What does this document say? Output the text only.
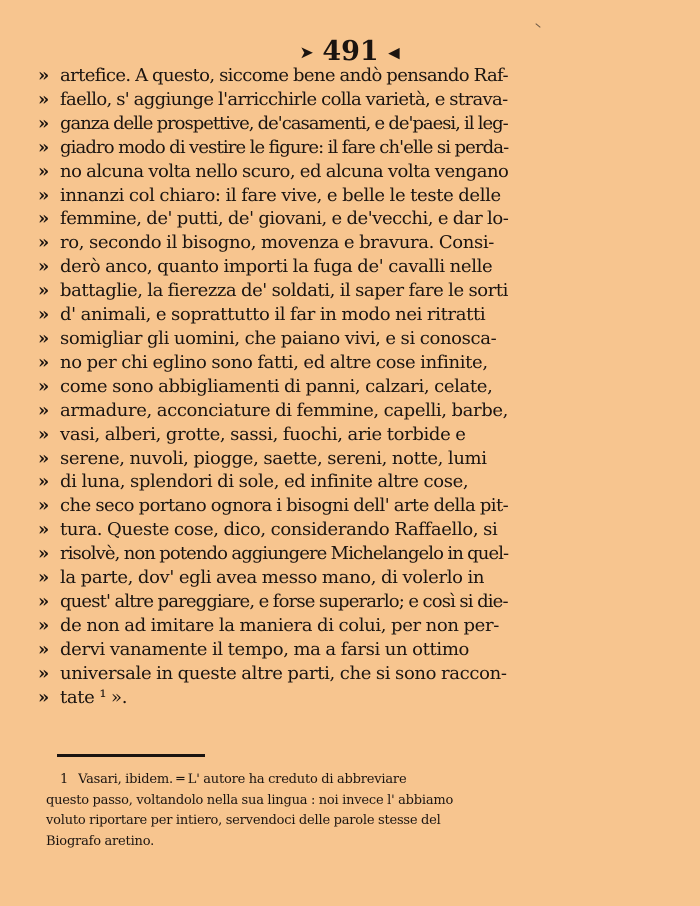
➤ 491 ◀
» artefice. A questo, siccome bene andò pensando Raf-
» faello, s' aggiunge l'arricchirle colla varietà, e strava-
» ganza delle prospettive, de'casamenti, e de'paesi, il leg-
» giadro modo di vestire le figure: il fare ch'elle si perda-
» no alcuna volta nello scuro, ed alcuna volta vengano
» innanzi col chiaro: il fare vive, e belle le teste delle
» femmine, de' putti, de' giovani, e de'vecchi, e dar lo-
» ro, secondo il bisogno, movenza e bravura. Consi-
» derò anco, quanto importi la fuga de' cavalli nelle
» battaglie, la fierezza de' soldati, il saper fare le sorti
» d' animali, e soprattutto il far in modo nei ritratti
» somigliar gli uomini, che paiano vivi, e si conosca-
» no per chi eglino sono fatti, ed altre cose infinite,
» come sono abbigliamenti di panni, calzari, celate,
» armadure, acconciature di femmine, capelli, barbe,
» vasi, alberi, grotte, sassi, fuochi, arie torbide e
» serene, nuvoli, piogge, saette, sereni, notte, lumi
» di luna, splendori di sole, ed infinite altre cose,
» che seco portano ognora i bisogni dell' arte della pit-
» tura. Queste cose, dico, considerando Raffaello, si
» risolvè, non potendo aggiungere Michelangelo in quel-
» la parte, dov' egli avea messo mano, di volerlo in
» quest' altre pareggiare, e forse superarlo; e così si die-
» de non ad imitare la maniera di colui, per non per-
» dervi vanamente il tempo, ma a farsi un ottimo
» universale in queste altre parti, che si sono raccon-
» tate ¹ ».
1 Vasari, ibidem. ═ L' autore ha creduto di abbreviare
questo passo, voltandolo nella sua lingua : noi invece l' abbiamo
voluto riportare per intiero, servendoci delle parole stesse del
Biografo aretino.
